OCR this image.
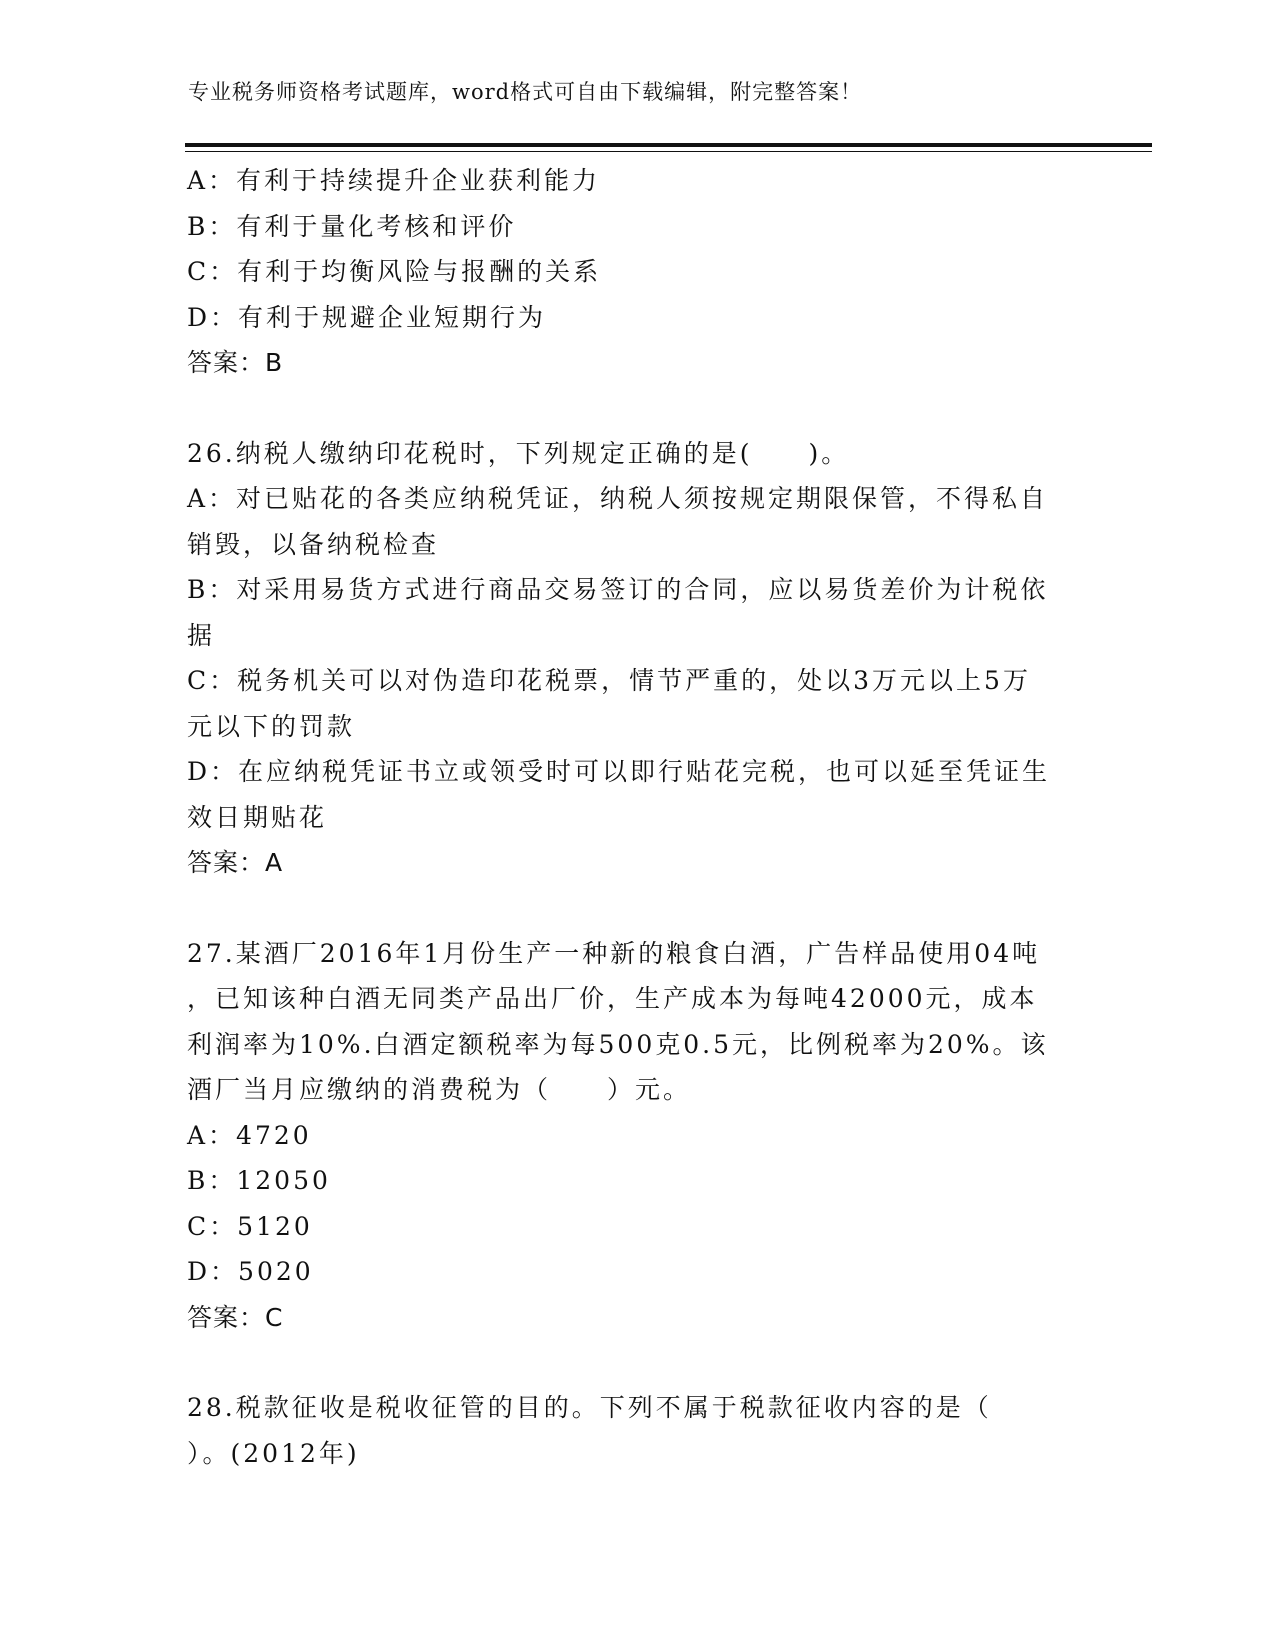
专业税务师资格考试题库，word格式可自由下载编辑，附完整答案！
A：有利于持续提升企业获利能力
B：有利于量化考核和评价
C：有利于均衡风险与报酬的关系
D：有利于规避企业短期行为
答案：B
26.纳税人缴纳印花税时，下列规定正确的是(　　)。
A：对已贴花的各类应纳税凭证，纳税人须按规定期限保管，不得私自
销毁，以备纳税检查
B：对采用易货方式进行商品交易签订的合同，应以易货差价为计税依
据
C：税务机关可以对伪造印花税票，情节严重的，处以3万元以上5万
元以下的罚款
D：在应纳税凭证书立或领受时可以即行贴花完税，也可以延至凭证生
效日期贴花
答案：A
27.某酒厂2016年1月份生产一种新的粮食白酒，广告样品使用04吨
，已知该种白酒无同类产品出厂价，生产成本为每吨42000元，成本
利润率为10%.白酒定额税率为每500克0.5元，比例税率为20%。该
酒厂当月应缴纳的消费税为（　　）元。
A：4720
B：12050
C：5120
D：5020
答案：C
28.税款征收是税收征管的目的。下列不属于税款征收内容的是（
）。(2012年)
